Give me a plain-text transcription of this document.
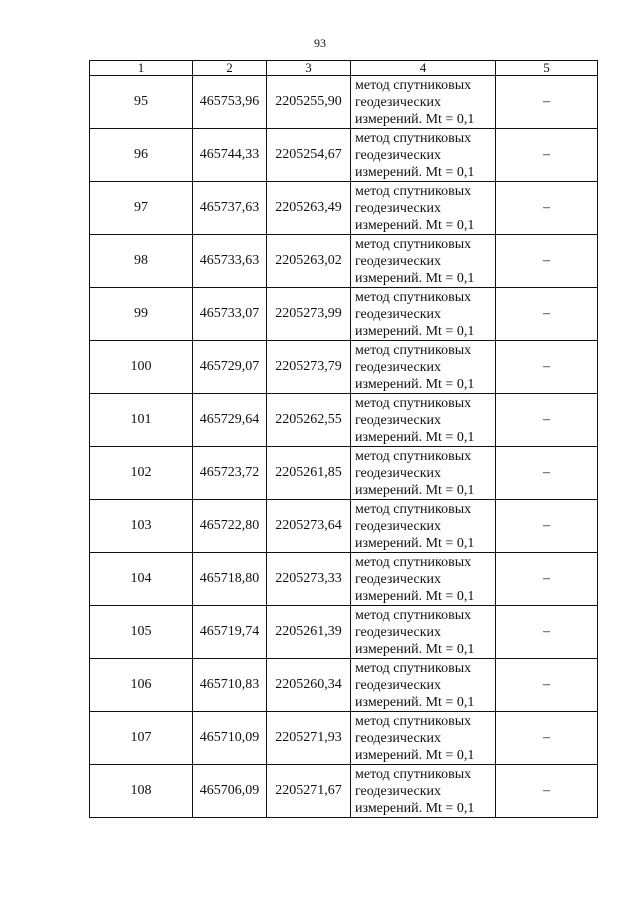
93
1	2	3	4	5
95	465753,96	2205255,90	метод спутниковых
геодезических
измерений. Mt = 0,1	–
96	465744,33	2205254,67	метод спутниковых
геодезических
измерений. Mt = 0,1	–
97	465737,63	2205263,49	метод спутниковых
геодезических
измерений. Mt = 0,1	–
98	465733,63	2205263,02	метод спутниковых
геодезических
измерений. Mt = 0,1	–
99	465733,07	2205273,99	метод спутниковых
геодезических
измерений. Mt = 0,1	–
100	465729,07	2205273,79	метод спутниковых
геодезических
измерений. Mt = 0,1	–
101	465729,64	2205262,55	метод спутниковых
геодезических
измерений. Mt = 0,1	–
102	465723,72	2205261,85	метод спутниковых
геодезических
измерений. Mt = 0,1	–
103	465722,80	2205273,64	метод спутниковых
геодезических
измерений. Mt = 0,1	–
104	465718,80	2205273,33	метод спутниковых
геодезических
измерений. Mt = 0,1	–
105	465719,74	2205261,39	метод спутниковых
геодезических
измерений. Mt = 0,1	–
106	465710,83	2205260,34	метод спутниковых
геодезических
измерений. Mt = 0,1	–
107	465710,09	2205271,93	метод спутниковых
геодезических
измерений. Mt = 0,1	–
108	465706,09	2205271,67	метод спутниковых
геодезических
измерений. Mt = 0,1	–
